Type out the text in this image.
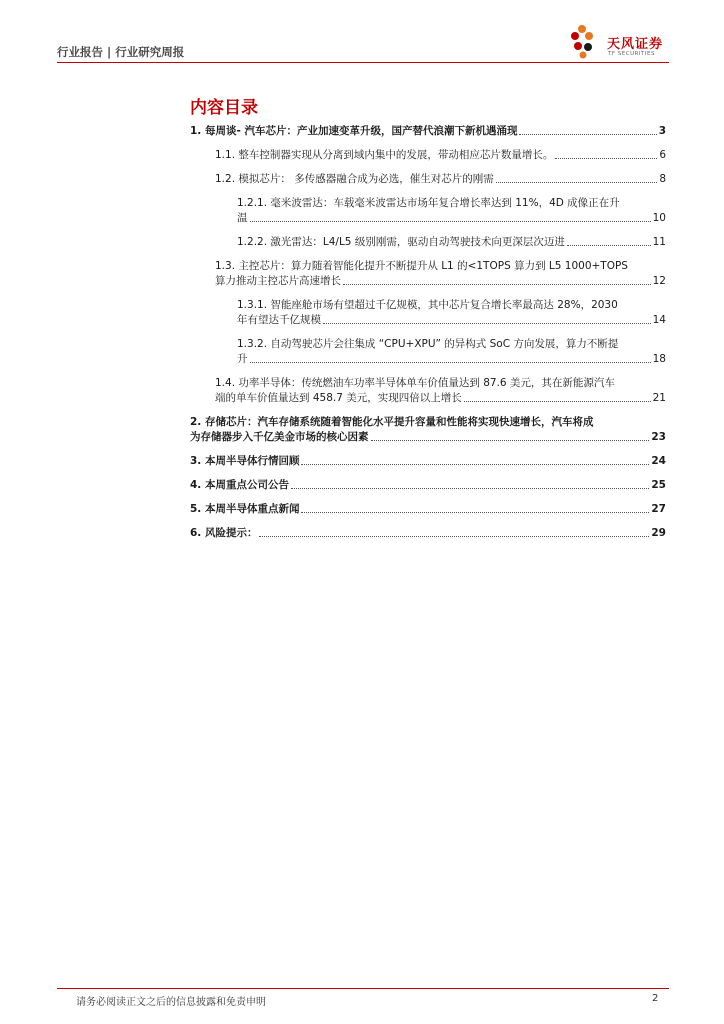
行业报告 | 行业研究周报	天风证券
TF SECURITIES
内容目录
1. 每周谈- 汽车芯片：产业加速变革升级，国产替代浪潮下新机遇涌现	3
1.1. 整车控制器实现从分离到域内集中的发展，带动相应芯片数量增长。	6
1.2. 模拟芯片： 多传感器融合成为必选，催生对芯片的刚需	8
1.2.1. 毫米波雷达：车载毫米波雷达市场年复合增长率达到 11%，4D 成像正在升
温	10
1.2.2. 激光雷达：L4/L5 级别刚需，驱动自动驾驶技术向更深层次迈进	11
1.3. 主控芯片：算力随着智能化提升不断提升从 L1 的<1TOPS 算力到 L5 1000+TOPS
算力推动主控芯片高速增长	12
1.3.1. 智能座舱市场有望超过千亿规模，其中芯片复合增长率最高达 28%，2030
年有望达千亿规模	14
1.3.2. 自动驾驶芯片会往集成 “CPU+XPU” 的异构式 SoC 方向发展，算力不断提
升	18
1.4. 功率半导体：传统燃油车功率半导体单车价值量达到 87.6 美元，其在新能源汽车
端的单车价值量达到 458.7 美元，实现四倍以上增长	21
2. 存储芯片：汽车存储系统随着智能化水平提升容量和性能将实现快速增长，汽车将成
为存储器步入千亿美金市场的核心因素	23
3. 本周半导体行情回顾	24
4. 本周重点公司公告	25
5. 本周半导体重点新闻	27
6. 风险提示：	29
请务必阅读正文之后的信息披露和免责申明	2
